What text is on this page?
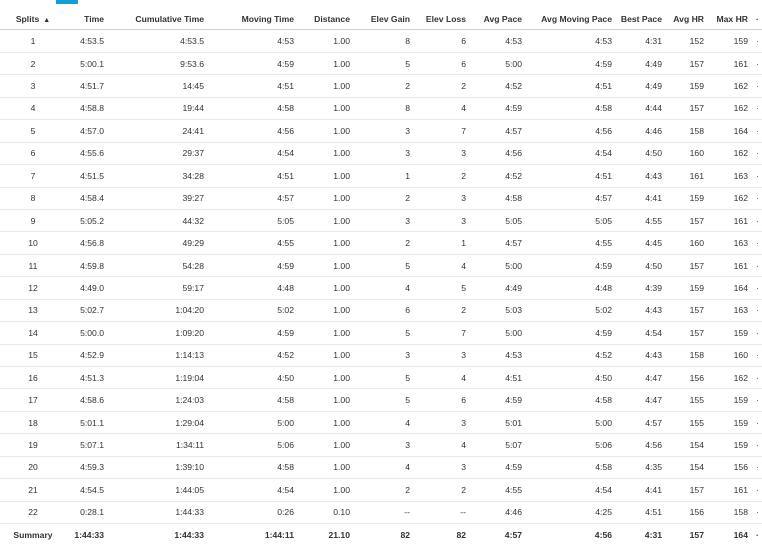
Splits ▲	Time	Cumulative Time	Moving Time	Distance	Elev Gain	Elev Loss	Avg Pace	Avg Moving Pace	Best Pace	Avg HR	Max HR	·
1	4:53.5	4:53.5	4:53	1.00	8	6	4:53	4:53	4:31	152	159	·
2	5:00.1	9:53.6	4:59	1.00	5	6	5:00	4:59	4:49	157	161	·
3	4:51.7	14:45	4:51	1.00	2	2	4:52	4:51	4:49	159	162	·
4	4:58.8	19:44	4:58	1.00	8	4	4:59	4:58	4:44	157	162	·
5	4:57.0	24:41	4:56	1.00	3	7	4:57	4:56	4:46	158	164	·
6	4:55.6	29:37	4:54	1.00	3	3	4:56	4:54	4:50	160	162	·
7	4:51.5	34:28	4:51	1.00	1	2	4:52	4:51	4:43	161	163	·
8	4:58.4	39:27	4:57	1.00	2	3	4:58	4:57	4:41	159	162	·
9	5:05.2	44:32	5:05	1.00	3	3	5:05	5:05	4:55	157	161	·
10	4:56.8	49:29	4:55	1.00	2	1	4:57	4:55	4:45	160	163	·
11	4:59.8	54:28	4:59	1.00	5	4	5:00	4:59	4:50	157	161	·
12	4:49.0	59:17	4:48	1.00	4	5	4:49	4:48	4:39	159	164	·
13	5:02.7	1:04:20	5:02	1.00	6	2	5:03	5:02	4:43	157	163	·
14	5:00.0	1:09:20	4:59	1.00	5	7	5:00	4:59	4:54	157	159	·
15	4:52.9	1:14:13	4:52	1.00	3	3	4:53	4:52	4:43	158	160	·
16	4:51.3	1:19:04	4:50	1.00	5	4	4:51	4:50	4:47	156	162	·
17	4:58.6	1:24:03	4:58	1.00	5	6	4:59	4:58	4:47	155	159	·
18	5:01.1	1:29:04	5:00	1.00	4	3	5:01	5:00	4:57	155	159	·
19	5:07.1	1:34:11	5:06	1.00	3	4	5:07	5:06	4:56	154	159	·
20	4:59.3	1:39:10	4:58	1.00	4	3	4:59	4:58	4:35	154	156	·
21	4:54.5	1:44:05	4:54	1.00	2	2	4:55	4:54	4:41	157	161	·
22	0:28.1	1:44:33	0:26	0.10	--	--	4:46	4:25	4:51	156	158	·
Summary	1:44:33	1:44:33	1:44:11	21.10	82	82	4:57	4:56	4:31	157	164	·
